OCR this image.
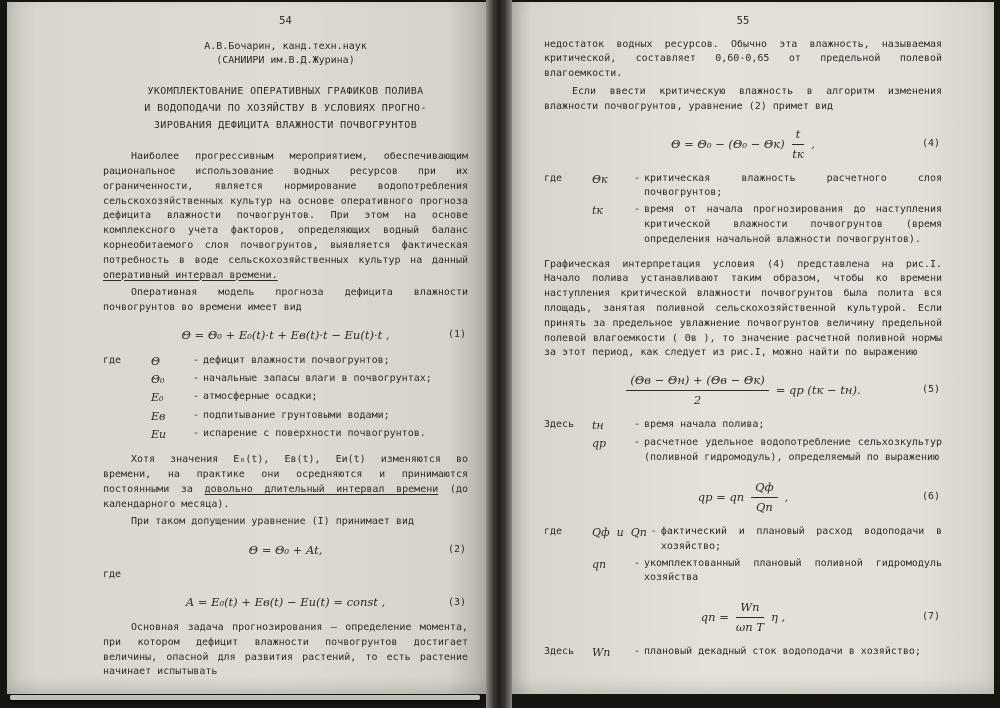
54
А.В.Бочарин, канд.техн.наук
(САНИИРИ им.В.Д.Журина)
УКОМПЛЕКТОВАНИЕ ОПЕРАТИВНЫХ ГРАФИКОВ ПОЛИВА
И ВОДОПОДАЧИ ПО ХОЗЯЙСТВУ В УСЛОВИЯХ ПРОГНО-
ЗИРОВАНИЯ ДЕФИЦИТА ВЛАЖНОСТИ ПОЧВОГРУНТОВ

Наиболее прогрессивным мероприятием, обеспечивающим рациональное использование водных ресурсов при их ограниченности, является нормирование водопотребления сельскохозяйственных культур на основе оперативного прогноза дефицита влажности почвогрунтов. При этом на основе комплексного учета факторов, определяющих водный баланс корнеобитаемого слоя почвогрунтов, выявляется фактическая потребность в воде сельскохозяйственных культур на данный оперативный интервал времени.

Оперативная модель прогноза дефицита влажности почвогрунтов во времени имеет вид

Θ = Θ₀ + E₀(t)·t + Eв(t)·t − Eи(t)·t ,	(1)
где	Θ	- дефицит влажности почвогрунтов;
Θ₀	- начальные запасы влаги в почвогрунтах;
E₀	- атмосферные осадки;
Eв	- подпитывание грунтовыми водами;
Eи	- испарение с поверхности почвогрунтов.

Хотя значения E₀(t), Eв(t), Eи(t) изменяются во времени, на практике они осредняются и принимаются постоянными за довольно длительный интервал времени (до календарного месяца).

При таком допущении уравнение (I) принимает вид

Θ = Θ₀ + At,	(2)
где
A = E₀(t) + Eв(t) − Eи(t) = const ,	(3)

Основная задача прогнозирования – определение момента, при котором дефицит влажности почвогрунтов достигает величины, опасной для развития растений, то есть растение начинает испытывать

55

недостаток водных ресурсов. Обычно эта влажность, называемая критической, составляет 0,60-0,65 от предельной полевой влагоемкости.

Если ввести критическую влажность в алгоритм изменения влажности почвогрунтов, уравнение (2) примет вид

$\Theta = \Theta_0 - (\Theta_0 - \Theta к) \frac{t}{tк}$ ,	(4)
где	Θк	- критическая влажность расчетного слоя почвогрунтов;
tк	- время от начала прогнозирования до наступления критической влажности почвогрунтов (время определения начальной влажности почвогрунтов).

Графическая интерпретация условия (4) представлена на рис.I. Начало полива устанавливают таким образом, чтобы ко времени наступления критической влажности почвогрунтов была полита вся площадь, занятая поливной сельскохозяйственной культурой. Если принять за предельное увлажнение почвогрунтов величину предельной полевой влагоемкости ( Θв ), то значение расчетной поливной нормы за этот период, как следует из рис.I, можно найти по выражению

$\frac{(\Theta в - \Theta н) + (\Theta в - \Theta к)}{2}$ = qр (tк − tн).	(5)
Здесь	tн	- время начала полива;
qр	- расчетное удельное водопотребление сельхозкультур (поливной гидромодуль), определяемый по выражению
qр = qп $\frac{Qф}{Qп}$ ,	(6)
где	Qф  и  Qп - фактический и плановый расход водоподачи в хозяйство;
qп	- укомплектованный плановый поливной гидромодуль хозяйства
qп = $\frac{Wп}{\text{ωп T}}$ η ,	(7)
Здесь	Wп	- плановый декадный сток водоподачи в хозяйство;
